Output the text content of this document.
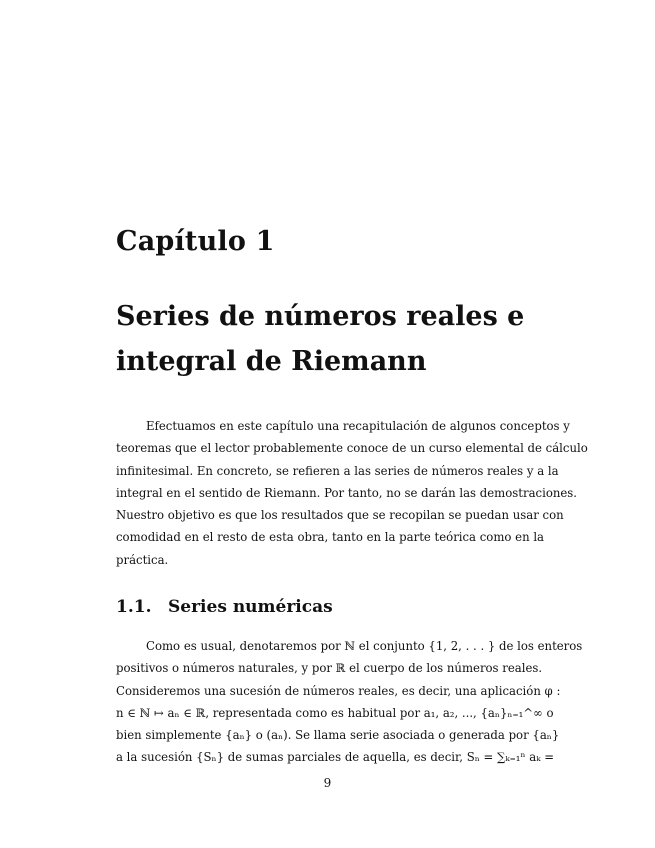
Capítulo 1
Series de números reales e
integral de Riemann
Efectuamos en este capítulo una recapitulación de algunos conceptos y
teoremas que el lector probablemente conoce de un curso elemental de cálculo
infinitesimal. En concreto, se refieren a las series de números reales y a la
integral en el sentido de Riemann. Por tanto, no se darán las demostraciones.
Nuestro objetivo es que los resultados que se recopilan se puedan usar con
comodidad en el resto de esta obra, tanto en la parte teórica como en la
práctica.
1.1. Series numéricas
Como es usual, denotaremos por ℕ el conjunto {1, 2, . . . } de los enteros
positivos o números naturales, y por ℝ el cuerpo de los números reales.
Consideremos una sucesión de números reales, es decir, una aplicación φ :
n ∈ ℕ ↦ aₙ ∈ ℝ, representada como es habitual por a₁, a₂, ..., {aₙ}ₙ₌₁^∞ o
bien simplemente {aₙ} o (aₙ). Se llama serie asociada o generada por {aₙ}
a la sucesión {Sₙ} de sumas parciales de aquella, es decir, Sₙ = ∑ₖ₌₁ⁿ aₖ =
9
